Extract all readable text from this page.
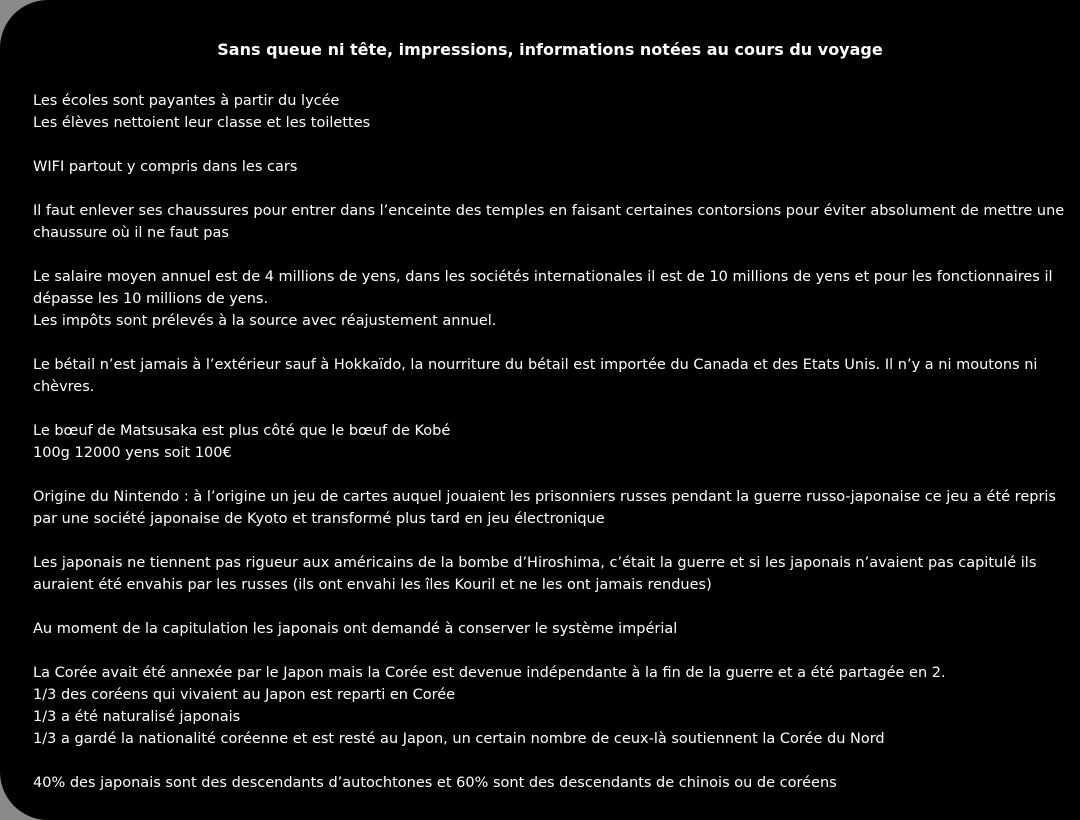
Sans queue ni tête, impressions, informations notées au cours du voyage

Les écoles sont payantes à partir du lycée
Les élèves nettoient leur classe et les toilettes

WIFI partout y compris dans les cars

Il faut enlever ses chaussures pour entrer dans l’enceinte des temples en faisant certaines contorsions pour éviter absolument de mettre une chaussure où il ne faut pas

Le salaire moyen annuel est de 4 millions de yens, dans les sociétés internationales il est de 10 millions de yens et pour les fonctionnaires il dépasse les 10 millions de yens.
Les impôts sont prélevés à la source avec réajustement annuel.

Le bétail n’est jamais à l’extérieur sauf à Hokkaïdo, la nourriture du bétail est importée du Canada et des Etats Unis. Il n’y a ni moutons ni chèvres.

Le bœuf de Matsusaka est plus côté que le bœuf de Kobé
100g 12000 yens soit 100€

Origine du Nintendo : à l’origine un jeu de cartes auquel jouaient les prisonniers russes pendant la guerre russo-japonaise ce jeu a été repris par une société japonaise de Kyoto et transformé plus tard en jeu électronique

Les japonais ne tiennent pas rigueur aux américains de la bombe d’Hiroshima, c’était la guerre et si les japonais n’avaient pas capitulé ils auraient été envahis par les russes (ils ont envahi les îles Kouril et ne les ont jamais rendues)

Au moment de la capitulation les japonais ont demandé à conserver le système impérial

La Corée avait été annexée par le Japon mais la Corée est devenue indépendante à la fin de la guerre et a été partagée en 2.
1/3 des coréens qui vivaient au Japon est reparti en Corée
1/3 a été naturalisé japonais
1/3 a gardé la nationalité coréenne et est resté au Japon, un certain nombre de ceux-là soutiennent la Corée du Nord

40% des japonais sont des descendants d’autochtones et 60% sont des descendants de chinois ou de coréens
